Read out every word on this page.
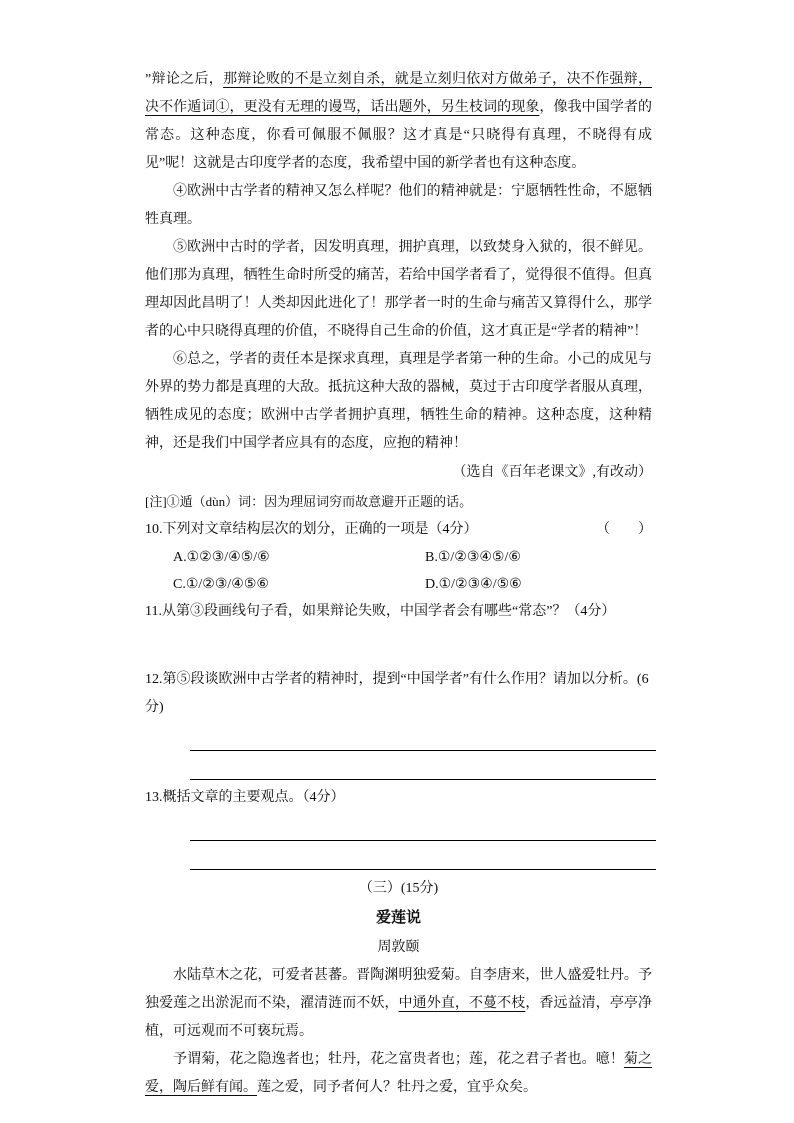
”辩论之后，那辩论败的不是立刻自杀，就是立刻归依对方做弟子，决不作强辩，决不作遁词①，更没有无理的谩骂，话出题外，另生枝词的现象，像我中国学者的常态。这种态度，你看可佩服不佩服？这才真是“只晓得有真理，不晓得有成见”呢！这就是古印度学者的态度，我希望中国的新学者也有这种态度。

④欧洲中古学者的精神又怎么样呢？他们的精神就是：宁愿牺牲性命，不愿牺牲真理。

⑤欧洲中古时的学者，因发明真理，拥护真理，以致焚身入狱的，很不鲜见。他们那为真理，牺牲生命时所受的痛苦，若给中国学者看了，觉得很不值得。但真理却因此昌明了！人类却因此进化了！那学者一时的生命与痛苦又算得什么，那学者的心中只晓得真理的价值，不晓得自己生命的价值，这才真正是“学者的精神”！

⑥总之，学者的责任本是探求真理，真理是学者第一种的生命。小己的成见与外界的势力都是真理的大敌。抵抗这种大敌的器械，莫过于古印度学者服从真理，牺牲成见的态度；欧洲中古学者拥护真理，牺牲生命的精神。这种态度，这种精神，还是我们中国学者应具有的态度，应抱的精神！

（选自《百年老课文》,有改动）

[注]①遁（dùn）词：因为理屈词穷而故意避开正题的话。

10.下列对文章结构层次的划分，正确的一项是（4分）	（　　）
A.①②③/④⑤/⑥	B.①/②③④⑤/⑥
C.①/②③/④⑤⑥	D.①/②③④/⑤⑥

11.从第③段画线句子看，如果辩论失败，中国学者会有哪些“常态”？（4分）

12.第⑤段谈欧洲中古学者的精神时，提到“中国学者”有什么作用？请加以分析。(6分)

13.概括文章的主要观点。（4分）

（三）(15分)

爱莲说

周敦颐

水陆草木之花，可爱者甚蕃。晋陶渊明独爱菊。自李唐来，世人盛爱牡丹。予独爱莲之出淤泥而不染，濯清涟而不妖，中通外直，不蔓不枝，香远益清，亭亭净植，可远观而不可亵玩焉。

予谓菊，花之隐逸者也；牡丹，花之富贵者也；莲，花之君子者也。噫！菊之爱，陶后鲜有闻。莲之爱，同予者何人？牡丹之爱，宜乎众矣。
